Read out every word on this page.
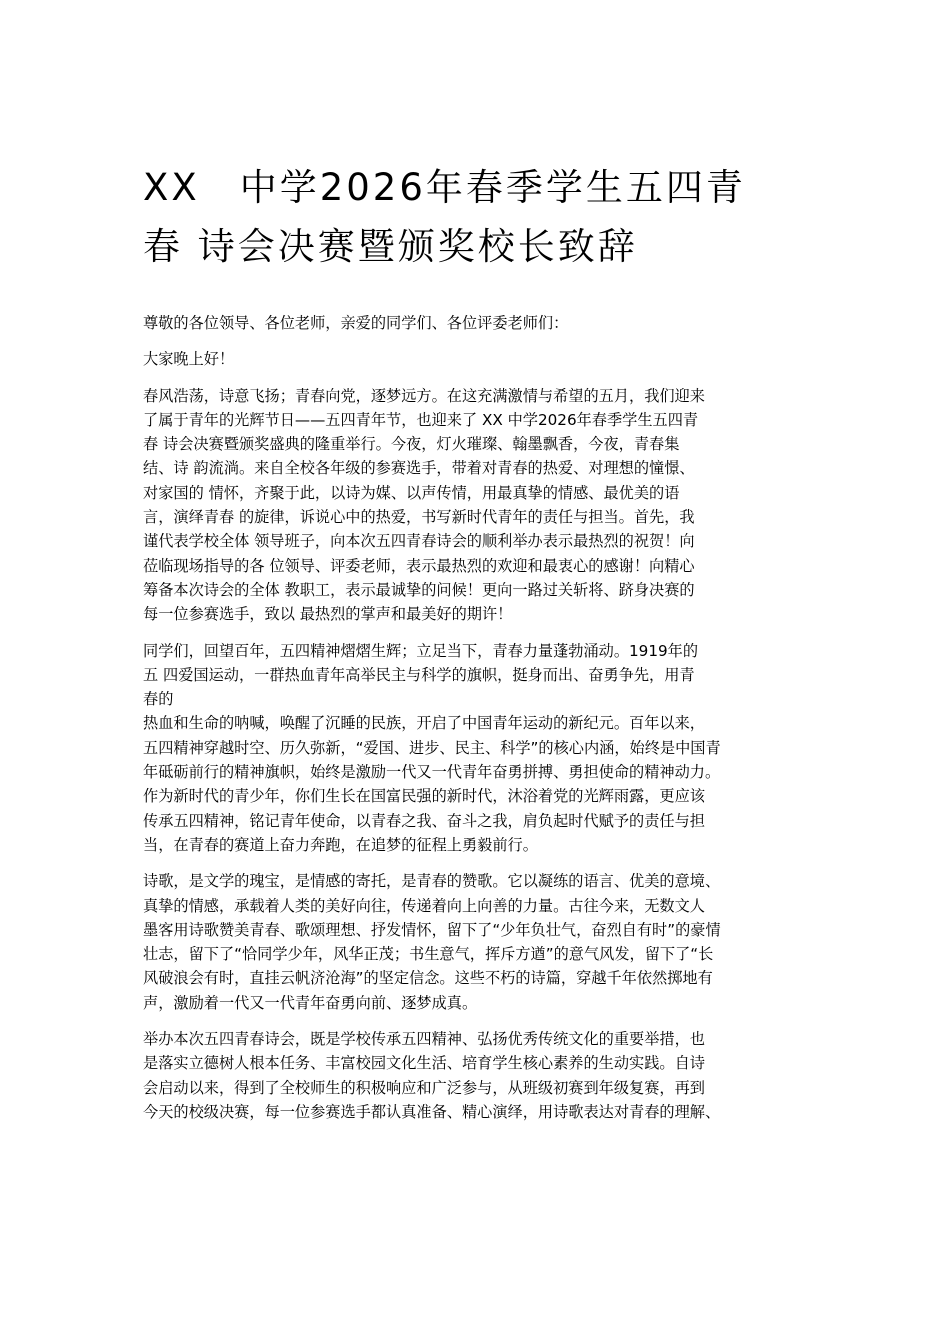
XX　中学2026年春季学生五四青
春 诗会决赛暨颁奖校长致辞

尊敬的各位领导、各位老师，亲爱的同学们、各位评委老师们：

大家晚上好！

春风浩荡，诗意飞扬；青春向党，逐梦远方。在这充满激情与希望的五月，我们迎来
了属于青年的光辉节日——五四青年节，也迎来了 XX 中学2026年春季学生五四青
春 诗会决赛暨颁奖盛典的隆重举行。今夜，灯火璀璨、翰墨飘香，今夜，青春集
结、诗 韵流淌。来自全校各年级的参赛选手，带着对青春的热爱、对理想的憧憬、
对家国的 情怀，齐聚于此，以诗为媒、以声传情，用最真挚的情感、最优美的语
言，演绎青春 的旋律，诉说心中的热爱，书写新时代青年的责任与担当。首先，我
谨代表学校全体 领导班子，向本次五四青春诗会的顺利举办表示最热烈的祝贺！向
莅临现场指导的各 位领导、评委老师，表示最热烈的欢迎和最衷心的感谢！向精心
筹备本次诗会的全体 教职工，表示最诚挚的问候！更向一路过关斩将、跻身决赛的
每一位参赛选手，致以 最热烈的掌声和最美好的期许！

同学们，回望百年，五四精神熠熠生辉；立足当下，青春力量蓬勃涌动。1919年的
五 四爱国运动，一群热血青年高举民主与科学的旗帜，挺身而出、奋勇争先，用青
春的
热血和生命的呐喊，唤醒了沉睡的民族，开启了中国青年运动的新纪元。百年以来，
五四精神穿越时空、历久弥新，“爱国、进步、民主、科学”的核心内涵，始终是中国青
年砥砺前行的精神旗帜，始终是激励一代又一代青年奋勇拼搏、勇担使命的精神动力。
作为新时代的青少年，你们生长在国富民强的新时代，沐浴着党的光辉雨露，更应该
传承五四精神，铭记青年使命，以青春之我、奋斗之我，肩负起时代赋予的责任与担
当，在青春的赛道上奋力奔跑，在追梦的征程上勇毅前行。

诗歌，是文学的瑰宝，是情感的寄托，是青春的赞歌。它以凝练的语言、优美的意境、
真挚的情感，承载着人类的美好向往，传递着向上向善的力量。古往今来，无数文人
墨客用诗歌赞美青春、歌颂理想、抒发情怀，留下了“少年负壮气，奋烈自有时”的豪情
壮志，留下了“恰同学少年，风华正茂；书生意气，挥斥方遒”的意气风发，留下了“长
风破浪会有时，直挂云帆济沧海”的坚定信念。这些不朽的诗篇，穿越千年依然掷地有
声，激励着一代又一代青年奋勇向前、逐梦成真。

举办本次五四青春诗会，既是学校传承五四精神、弘扬优秀传统文化的重要举措，也
是落实立德树人根本任务、丰富校园文化生活、培育学生核心素养的生动实践。自诗
会启动以来，得到了全校师生的积极响应和广泛参与，从班级初赛到年级复赛，再到
今天的校级决赛，每一位参赛选手都认真准备、精心演绎，用诗歌表达对青春的理解、
